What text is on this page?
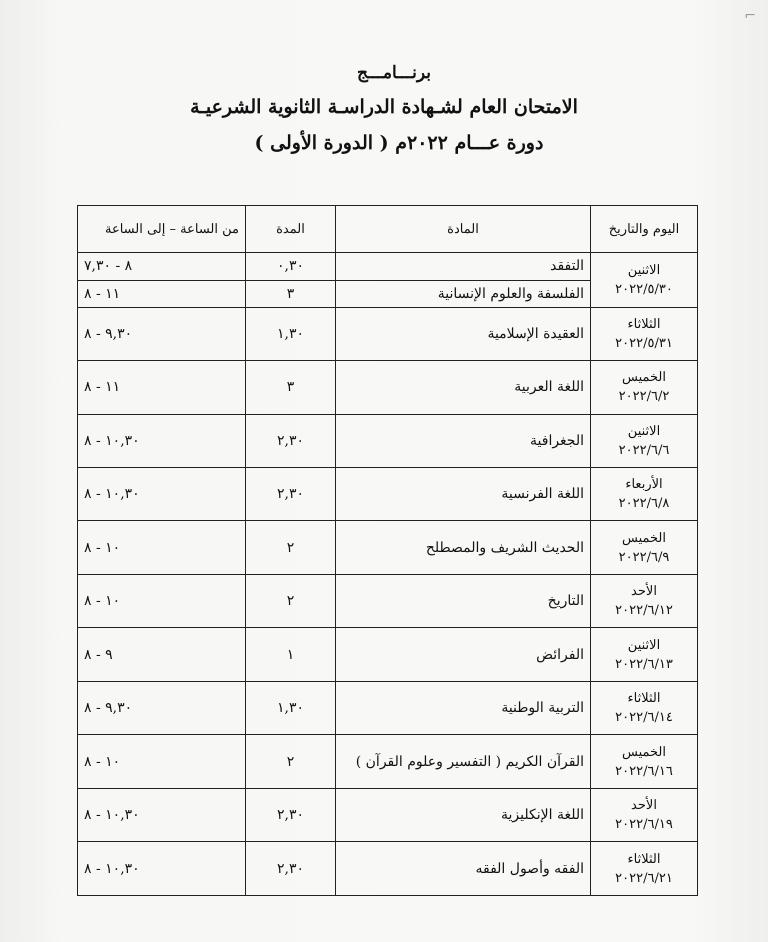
⌐
برنـــامـــج
الامتحان العام لشـهادة الدراسـة الثانوية الشرعيـة
دورة عـــام ٢٠٢٢م ( الدورة الأولى )
اليوم والتاريخ	المادة	المدة	من الساعة – إلى الساعة

الاثنين
٢٠٢٢/٥/٣٠	التفقد	٠,٣٠	٧,٣٠ - ٨
	الفلسفة والعلوم الإنسانية	٣	٨ - ١١

الثلاثاء
٢٠٢٢/٥/٣١	العقيدة الإسلامية	١,٣٠	٨ - ٩,٣٠

الخميس
٢٠٢٢/٦/٢	اللغة العربية	٣	٨ - ١١

الاثنين
٢٠٢٢/٦/٦	الجغرافية	٢,٣٠	٨ - ١٠,٣٠

الأربعاء
٢٠٢٢/٦/٨	اللغة الفرنسية	٢,٣٠	٨ - ١٠,٣٠

الخميس
٢٠٢٢/٦/٩	الحديث الشريف والمصطلح	٢	٨ - ١٠

الأحد
٢٠٢٢/٦/١٢	التاريخ	٢	٨ - ١٠

الاثنين
٢٠٢٢/٦/١٣	الفرائض	١	٨ - ٩

الثلاثاء
٢٠٢٢/٦/١٤	التربية الوطنية	١,٣٠	٨ - ٩,٣٠

الخميس
٢٠٢٢/٦/١٦	القرآن الكريم ( التفسير وعلوم القرآن )	٢	٨ - ١٠

الأحد
٢٠٢٢/٦/١٩	اللغة الإنكليزية	٢,٣٠	٨ - ١٠,٣٠

الثلاثاء
٢٠٢٢/٦/٢١	الفقه وأصول الفقه	٢,٣٠	٨ - ١٠,٣٠
